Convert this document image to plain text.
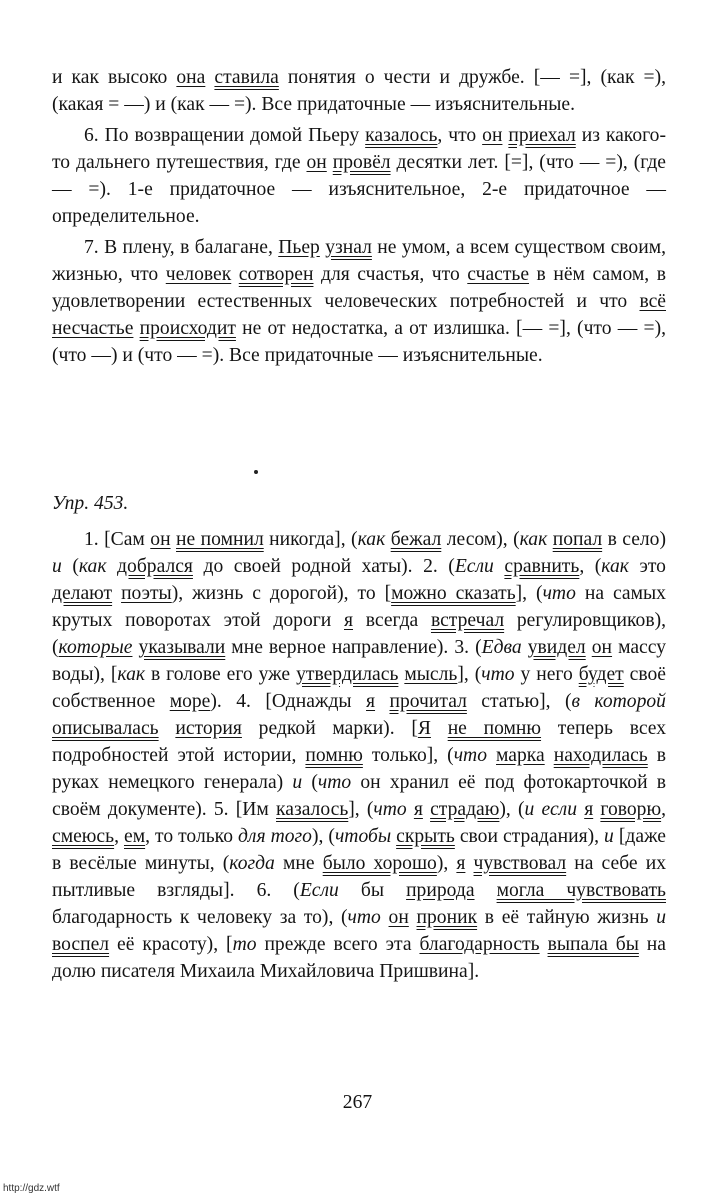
и как высоко она ставила понятия о чести и дружбе. [— =], (как =), (какая = —) и (как — =). Все придаточные — изъяснительные.

6. По возвращении домой Пьеру казалось, что он приехал из какого-то дальнего путешествия, где он провёл десятки лет. [=], (что — =), (где — =). 1-е придаточное — изъяснительное, 2-е придаточное — определительное.

7. В плену, в балагане, Пьер узнал не умом, а всем существом своим, жизнью, что человек сотворен для счастья, что счастье в нём самом, в удовлетворении естественных человеческих потребностей и что всё несчастье происходит не от недостатка, а от излишка. [— =], (что — =), (что —) и (что — =). Все придаточные — изъяснительные.

Упр. 453.

1. [Сам он не помнил никогда], (как бежал лесом), (как попал в село) и (как добрался до своей родной хаты). 2. (Если сравнить, (как это делают поэты), жизнь с дорогой), то [можно сказать], (что на самых крутых поворотах этой дороги я всегда встречал регулировщиков), (которые указывали мне верное направление). 3. (Едва увидел он массу воды), [как в голове его уже утвердилась мысль], (что у него будет своё собственное море). 4. [Однажды я прочитал статью], (в которой описывалась история редкой марки). [Я не помню теперь всех подробностей этой истории, помню только], (что марка находилась в руках немецкого генерала) и (что он хранил её под фотокарточкой в своём документе). 5. [Им казалось], (что я страдаю), (и если я говорю, смеюсь, ем, то только для того), (чтобы скрыть свои страдания), и [даже в весёлые минуты, (когда мне было хорошо), я чувствовал на себе их пытливые взгляды]. 6. (Если бы природа могла чувствовать благодарность к человеку за то), (что он проник в её тайную жизнь и воспел её красоту), [то прежде всего эта благодарность выпала бы на долю писателя Михаила Михайловича Пришвина].

267
http://gdz.wtf
